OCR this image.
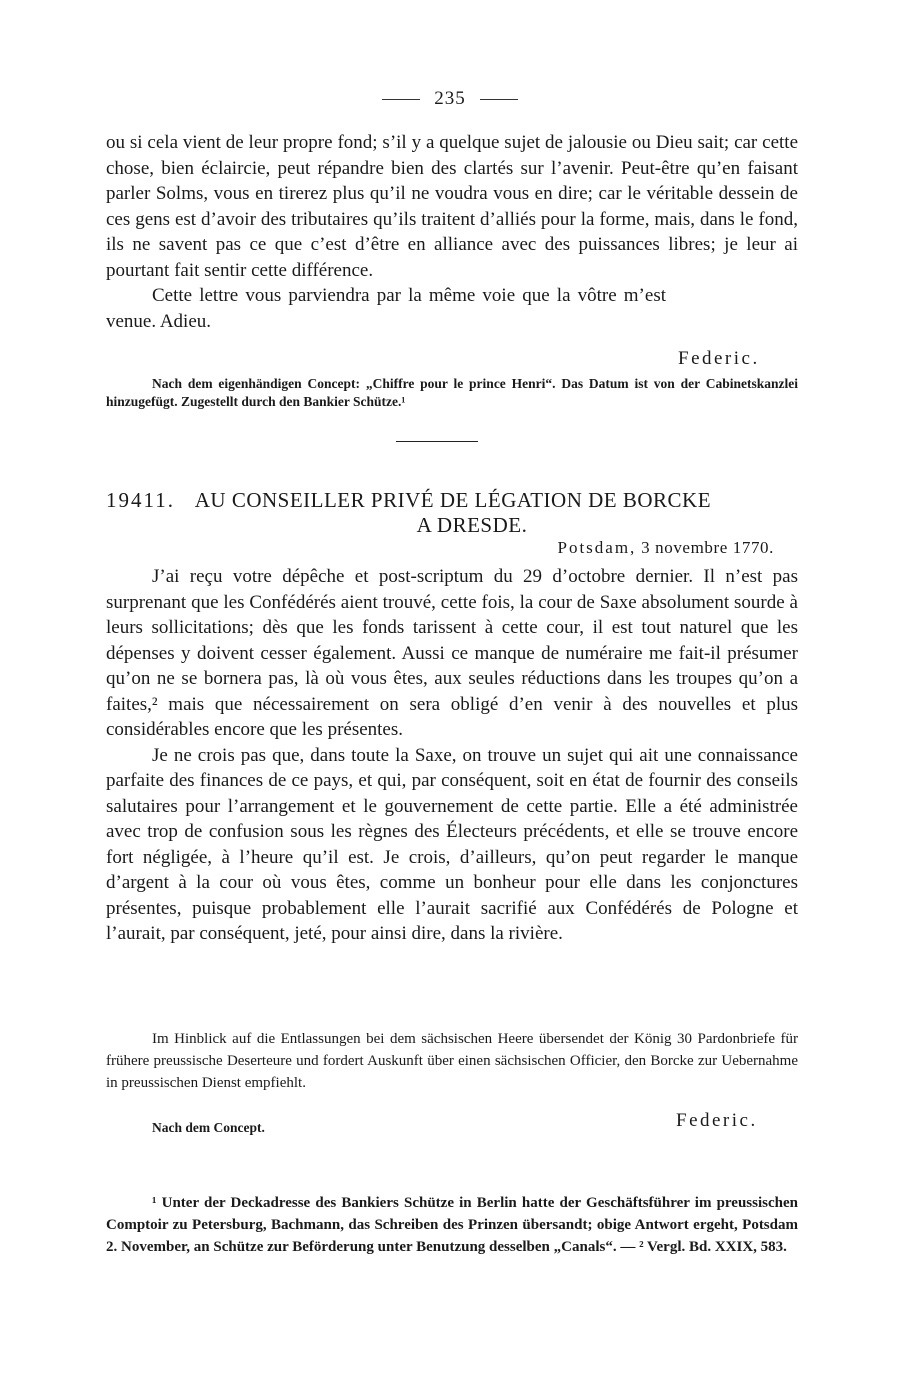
235

ou si cela vient de leur propre fond; s’il y a quelque sujet de jalousie ou Dieu sait; car cette chose, bien éclaircie, peut répandre bien des clartés sur l’avenir. Peut-être qu’en faisant parler Solms, vous en tirerez plus qu’il ne voudra vous en dire; car le véritable dessein de ces gens est d’avoir des tributaires qu’ils traitent d’alliés pour la forme, mais, dans le fond, ils ne savent pas ce que c’est d’être en alliance avec des puissances libres; je leur ai pourtant fait sentir cette différence.

Cette lettre vous parviendra par la même voie que la vôtre m’est venue. Adieu.

Federic.
Nach dem eigenhändigen Concept: „Chiffre pour le prince Henri“. Das Datum ist von der Cabinetskanzlei hinzugefügt. Zugestellt durch den Bankier Schütze.¹
19411. AU CONSEILLER PRIVÉ DE LÉGATION DE BORCKE
A DRESDE.
Potsdam, 3 novembre 1770.

J’ai reçu votre dépêche et post-scriptum du 29 d’octobre dernier. Il n’est pas surprenant que les Confédérés aient trouvé, cette fois, la cour de Saxe absolument sourde à leurs sollicitations; dès que les fonds tarissent à cette cour, il est tout naturel que les dépenses y doivent cesser également. Aussi ce manque de numéraire me fait-il présumer qu’on ne se bornera pas, là où vous êtes, aux seules réductions dans les troupes qu’on a faites,² mais que nécessairement on sera obligé d’en venir à des nouvelles et plus considérables encore que les présentes.

Je ne crois pas que, dans toute la Saxe, on trouve un sujet qui ait une connaissance parfaite des finances de ce pays, et qui, par conséquent, soit en état de fournir des conseils salutaires pour l’arrangement et le gouvernement de cette partie. Elle a été administrée avec trop de confusion sous les règnes des Électeurs précédents, et elle se trouve encore fort négligée, à l’heure qu’il est. Je crois, d’ailleurs, qu’on peut regarder le manque d’argent à la cour où vous êtes, comme un bonheur pour elle dans les conjonctures présentes, puisque probablement elle l’aurait sacrifié aux Confédérés de Pologne et l’aurait, par conséquent, jeté, pour ainsi dire, dans la rivière.

Im Hinblick auf die Entlassungen bei dem sächsischen Heere übersendet der König 30 Pardonbriefe für frühere preussische Deserteure und fordert Auskunft über einen sächsischen Officier, den Borcke zur Uebernahme in preussischen Dienst empfiehlt.
Nach dem Concept.	Federic.
¹ Unter der Deckadresse des Bankiers Schütze in Berlin hatte der Geschäftsführer im preussischen Comptoir zu Petersburg, Bachmann, das Schreiben des Prinzen übersandt; obige Antwort ergeht, Potsdam 2. November, an Schütze zur Beförderung unter Benutzung desselben „Canals“. — ² Vergl. Bd. XXIX, 583.
